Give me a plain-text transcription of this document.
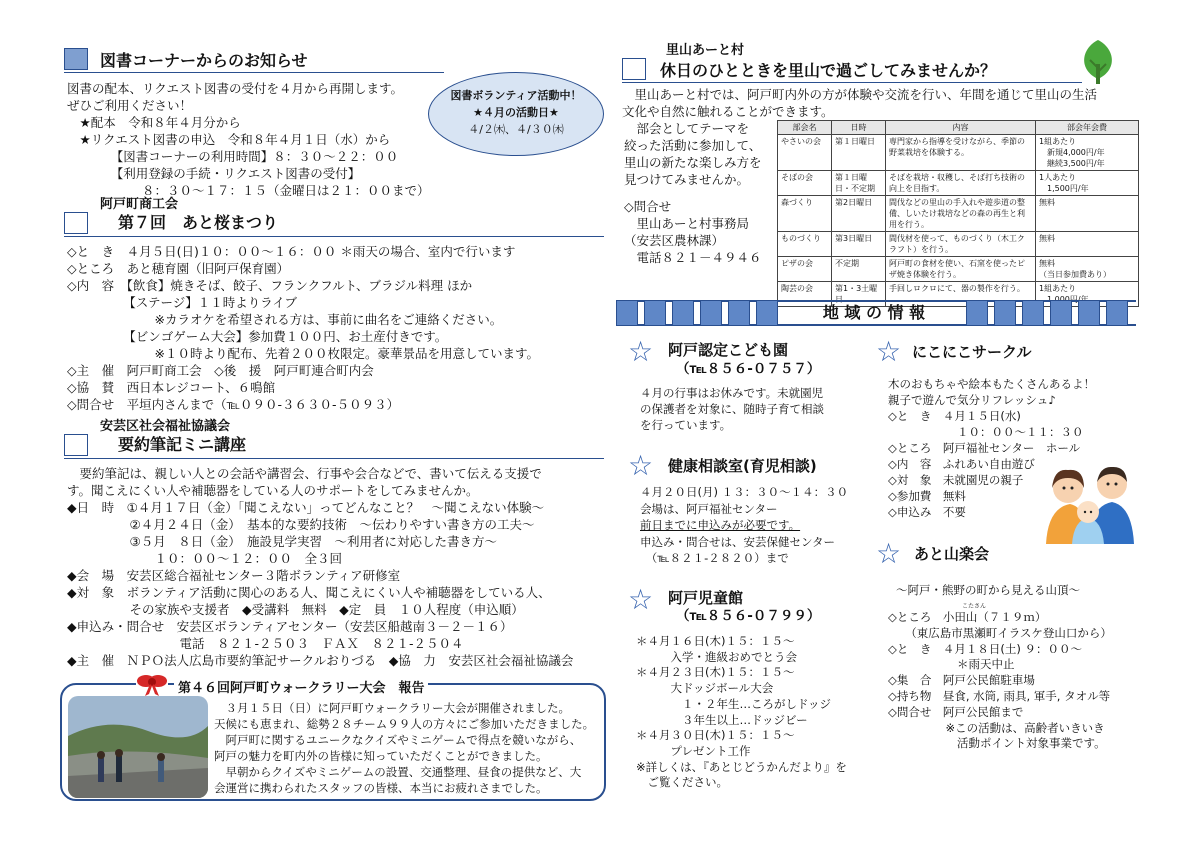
図書コーナーからのお知らせ
図書の配本、リクエスト図書の受付を４月から再開します。
ぜひご利用ください！
　★配本　令和８年４月分から
　★リクエスト図書の申込　令和８年４月１日（水）から
　　　　【図書コーナーの利用時間】８：３０～２２：００
　　　　【利用登録の手続・リクエスト図書の受付】
　　　　　　８：３０～１７：１５（金曜日は２１：００まで）
図書ボランティア活動中！
★４月の活動日★
４/２㈭、４/３０㈭
阿戸町商工会
第７回　あと桜まつり
◇と　き　４月５日(日)１０：００～１６：００ ＊雨天の場合、室内で行います
◇ところ　あと穂育園（旧阿戸保育園）
◇内　容　【飲食】焼きそば、餃子、フランクフルト、ブラジル料理 ほか
　　　　　【ステージ】１１時よりライブ
　　　　　　　※カラオケを希望される方は、事前に曲名をご連絡ください。
　　　　　【ビンゴゲーム大会】参加費１００円、お土産付きです。
　　　　　　　※１０時より配布、先着２００枚限定。豪華景品を用意しています。
◇主　催　阿戸町商工会　◇後　援　阿戸町連合町内会
◇協　賛　西日本レジコート、６鳴館
◇問合せ　平垣内さんまで（℡０９０-３６３０-５０９３）
安芸区社会福祉協議会
要約筆記ミニ講座
　要約筆記は、親しい人との会話や講習会、行事や会合などで、書いて伝える支援で
す。聞こえにくい人や補聴器をしている人のサポートをしてみませんか。
◆日　時　①４月１７日（金）「聞こえない」ってどんなこと？　～聞こえない体験～
　　　　　②４月２４日（金）　基本的な要約技術　～伝わりやすい書き方の工夫～
　　　　　③５月　８日（金）　施設見学実習　～利用者に対応した書き方～
　　　　　　　１０：００～１２：００　全３回
◆会　場　安芸区総合福祉センター３階ボランティア研修室
◆対　象　ボランティア活動に関心のある人、聞こえにくい人や補聴器をしている人、
　　　　　その家族や支援者　◆受講料　無料　◆定　員　１０人程度（申込順）
◆申込み・問合せ　安芸区ボランティアセンター（安芸区船越南３－２－１６）
　　　　　　　　　電話　８２１-２５０３　ＦＡＸ　８２１-２５０４
◆主　催　ＮＰＯ法人広島市要約筆記サークルおりづる　◆協　力　安芸区社会福祉協議会
第４６回阿戸町ウォークラリー大会　報告
　３月１５日（日）に阿戸町ウォークラリー大会が開催されました。
天候にも恵まれ、総勢２８チーム９９人の方々にご参加いただきました。
　阿戸町に関するユニークなクイズやミニゲームで得点を競いながら、
阿戸の魅力を町内外の皆様に知っていただくことができました。
　早朝からクイズやミニゲームの設置、交通整理、昼食の提供など、大
会運営に携わられたスタッフの皆様、本当にお疲れさまでした。
里山あーと村
休日のひとときを里山で過ごしてみませんか？
　里山あーと村では、阿戸町内外の方が体験や交流を行い、年間を通じて里山の生活
文化や自然に触れることができます。
　部会としてテーマを
絞った活動に参加して、
里山の新たな楽しみ方を
見つけてみませんか。
◇問合せ
　里山あーと村事務局
（安芸区農林課）
　電話８２１－４９４６
部会名	日時	内容	部会年会費
やさいの会	第１日曜日	専門家から指導を受けながら、季節の野菜栽培を体験する。	1組あたり
　新規4,000円/年
　継続3,500円/年
そばの会	第１日曜日・不定期	そばを栽培・収穫し、そば打ち技術の向上を目指す。	1人あたり
　1,500円/年
森づくり	第2日曜日	間伐などの里山の手入れや遊歩道の整備、しいたけ栽培などの森の再生と利用を行う。	無料
ものづくり	第3日曜日	間伐材を使って、ものづくり（木工クラフト）を行う。	無料
ピザの会	不定期	阿戸町の食材を使い、石窯を使ったピザ焼き体験を行う。	無料
（当日参加費あり）
陶芸の会	第1・3土曜日	手回しロクロにて、器の製作を行う。	1組あたり

地 域 の 情 報
☆ 阿戸認定こども園
（℡８５６-０７５７）
４月の行事はお休みです。未就園児
の保護者を対象に、随時子育て相談
を行っています。
☆ 健康相談室(育児相談)
４月２０日(月) １３：３０～１４：３０
会場は、阿戸福祉センター
前日までに申込みが必要です。
申込み・問合せは、安芸保健センター
　（℡８２１-２８２０）まで
☆ 阿戸児童館
（℡８５６-０７９９）
＊４月１６日(木)１５：１５～
　　　入学・進級おめでとう会
＊４月２３日(木)１５：１５～
　　　大ドッジボール大会
　　　　１・２年生…ころがしドッジ
　　　　３年生以上…ドッジビー
＊４月３０日(木)１５：１５～
　　　プレゼント工作
※詳しくは、『あとじどうかんだより』を
　ご覧ください。
☆ にこにこサークル
木のおもちゃや絵本もたくさんあるよ！
親子で遊んで気分リフレッシュ♪
◇と　き　４月１５日(水)
　　　　　　１０：００～１１：３０
◇ところ　阿戸福祉センター　ホール
◇内　容　ふれあい自由遊び
◇対　象　未就園児の親子
◇参加費　無料
◇申込み　不要
☆ あと山楽会
～阿戸・熊野の町から見える山頂～
こたさん
◇ところ　小田山（７１９ｍ）
　　（東広島市黒瀬町イラスケ登山口から）
◇と　き　４月１８日(土) ９：００～
　　　　　　＊雨天中止
◇集　合　阿戸公民館駐車場
◇持ち物　昼食, 水筒, 雨具, 軍手, タオル等
◇問合せ　阿戸公民館まで
　　　　　※この活動は、高齢者いきいき
　　　　　　活動ポイント対象事業です。
